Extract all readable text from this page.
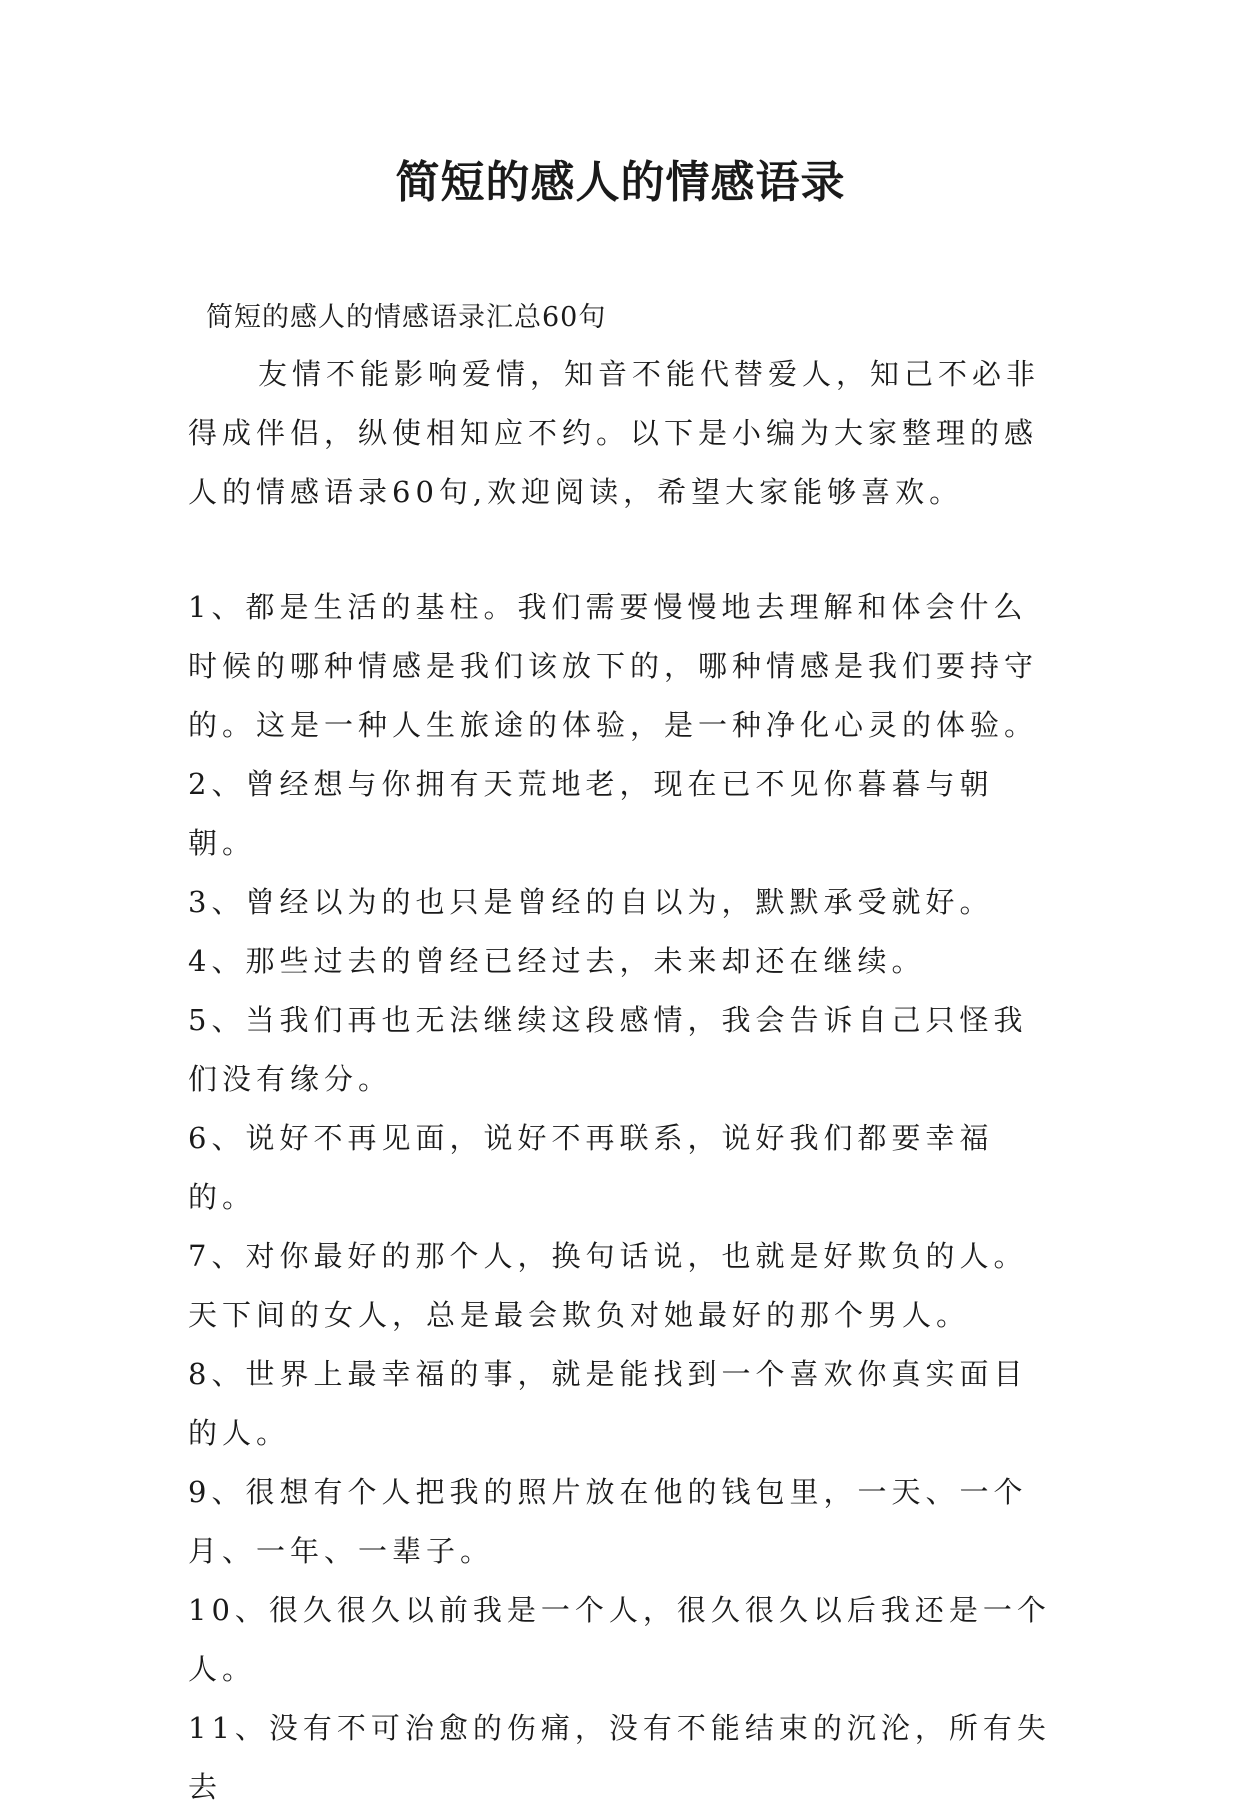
简短的感人的情感语录
简短的感人的情感语录汇总60句

友情不能影响爱情，知音不能代替爱人，知己不必非得成伴侣，纵使相知应不约。以下是小编为大家整理的感人的情感语录60句,欢迎阅读，希望大家能够喜欢。

1、都是生活的基柱。我们需要慢慢地去理解和体会什么时候的哪种情感是我们该放下的，哪种情感是我们要持守的。这是一种人生旅途的体验，是一种净化心灵的体验。

2、曾经想与你拥有天荒地老，现在已不见你暮暮与朝朝。

3、曾经以为的也只是曾经的自以为，默默承受就好。

4、那些过去的曾经已经过去，未来却还在继续。

5、当我们再也无法继续这段感情，我会告诉自己只怪我们没有缘分。

6、说好不再见面，说好不再联系，说好我们都要幸福的。

7、对你最好的那个人，换句话说，也就是好欺负的人。天下间的女人，总是最会欺负对她最好的那个男人。

8、世界上最幸福的事，就是能找到一个喜欢你真实面目的人。

9、很想有个人把我的照片放在他的钱包里，一天、一个月、一年、一辈子。

10、很久很久以前我是一个人，很久很久以后我还是一个人。

11、没有不可治愈的伤痛，没有不能结束的沉沦，所有失去
